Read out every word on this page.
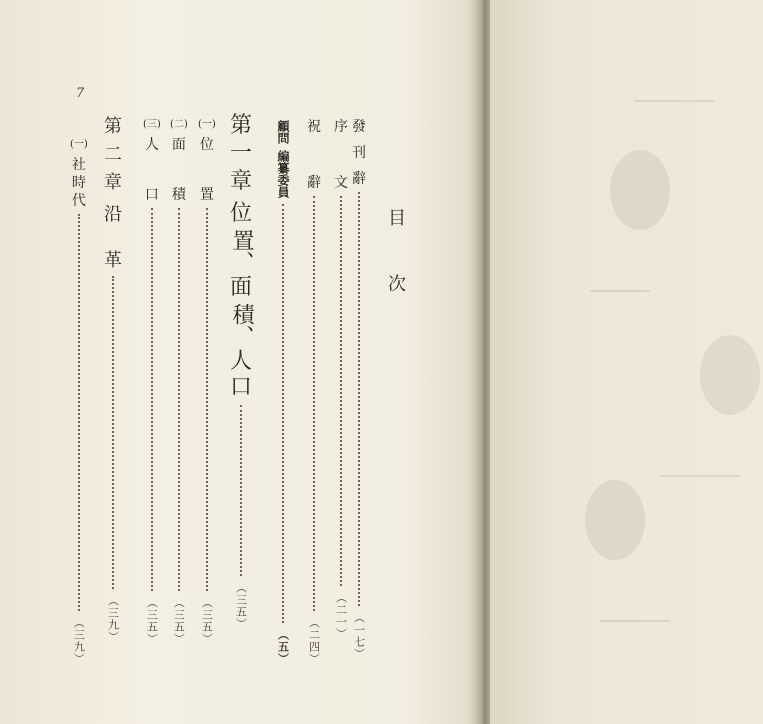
7
目
次
發
刊
辭
（一七）
序
文
（二一）
祝
辭
（二四）
顧問
編纂委員
（五）
第
一
章
位
置、
面
積、
人
口
（三五）
(一)
位
置
（三五）
(二)
面
積
（三五）
(三)
人
口
（三五）
第
二
章
沿
革
（三九）
(一)
社
時
代
（三九）
